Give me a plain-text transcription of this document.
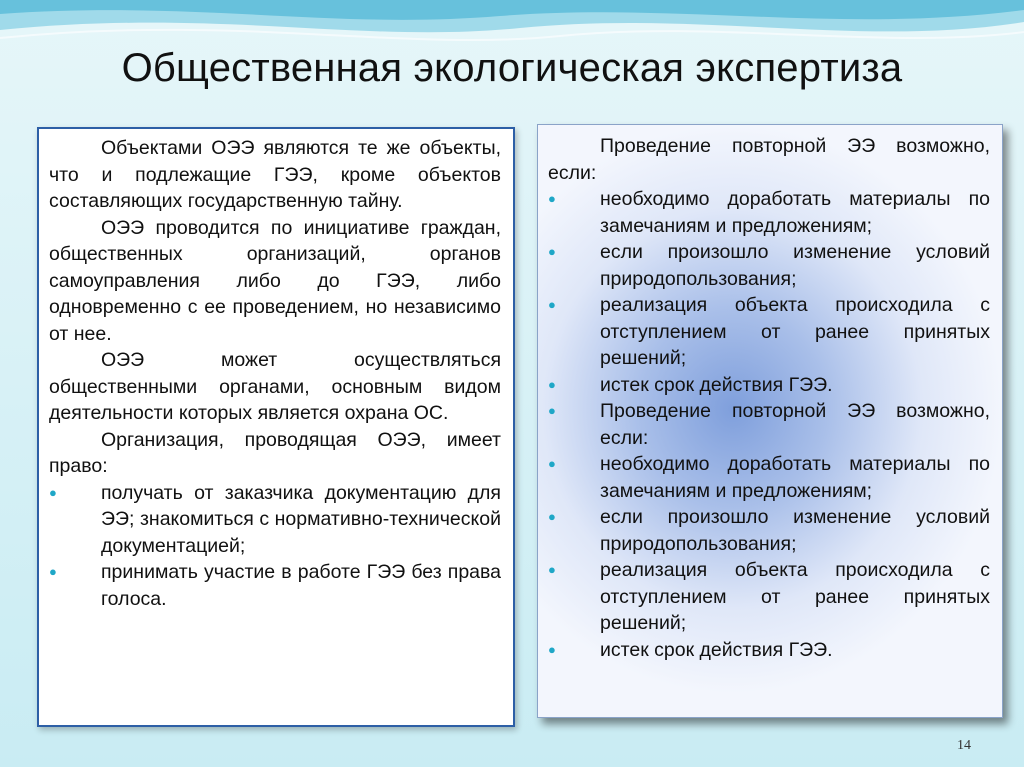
Общественная экологическая экспертиза

Объектами ОЭЭ являются те же объекты, что и подлежащие ГЭЭ, кроме объектов составляющих государственную тайну.

ОЭЭ проводится по инициативе граждан, общественных организаций, органов самоуправления либо до ГЭЭ, либо одновременно с ее проведением, но независимо от нее.

ОЭЭ может осуществляться общественными органами, основным видом деятельности которых является охрана ОС.

Организация, проводящая ОЭЭ, имеет право:

●	получать от заказчика документацию для ЭЭ; знакомиться с нормативно-технической документацией;
●	принимать участие в работе ГЭЭ без права голоса.

Проведение повторной ЭЭ возможно, если:

●	необходимо доработать материалы по замечаниям и предложениям;
●	если произошло изменение условий природопользования;
●	реализация объекта происходила с отступлением от ранее принятых решений;
●	истек срок действия ГЭЭ.
●	Проведение повторной ЭЭ возможно, если:
●	необходимо доработать материалы по замечаниям и предложениям;
●	если произошло изменение условий природопользования;
●	реализация объекта происходила с отступлением от ранее принятых решений;
●	истек срок действия ГЭЭ.
14
